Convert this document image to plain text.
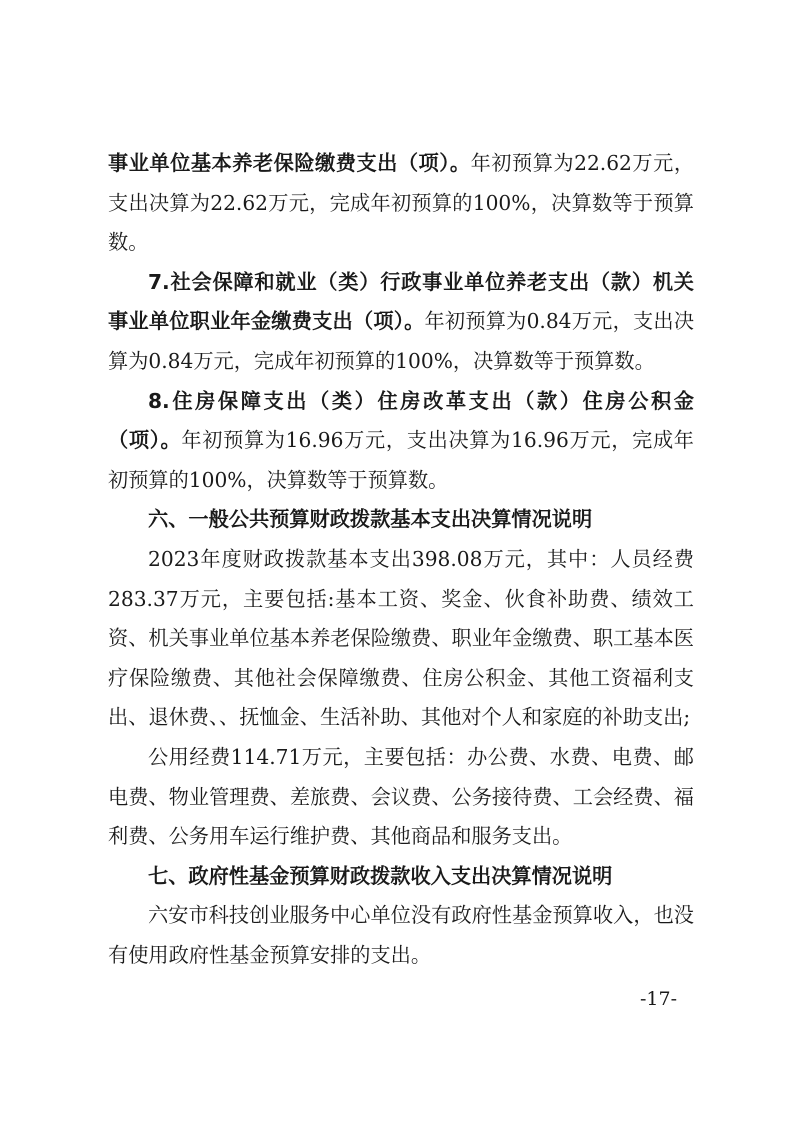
事业单位基本养老保险缴费支出（项）。年初预算为22.62万元，支出决算为22.62万元，完成年初预算的100%，决算数等于预算数。

7.社会保障和就业（类）行政事业单位养老支出（款）机关事业单位职业年金缴费支出（项）。年初预算为0.84万元，支出决算为0.84万元，完成年初预算的100%，决算数等于预算数。

8.住房保障支出（类）住房改革支出（款）住房公积金（项）。年初预算为16.96万元，支出决算为16.96万元，完成年初预算的100%，决算数等于预算数。

六、一般公共预算财政拨款基本支出决算情况说明

2023年度财政拨款基本支出398.08万元，其中：人员经费283.37万元，主要包括:基本工资、奖金、伙食补助费、绩效工资、机关事业单位基本养老保险缴费、职业年金缴费、职工基本医疗保险缴费、其他社会保障缴费、住房公积金、其他工资福利支出、退休费、、抚恤金、生活补助、其他对个人和家庭的补助支出;

公用经费114.71万元，主要包括：办公费、水费、电费、邮电费、物业管理费、差旅费、会议费、公务接待费、工会经费、福利费、公务用车运行维护费、其他商品和服务支出。

七、政府性基金预算财政拨款收入支出决算情况说明

六安市科技创业服务中心单位没有政府性基金预算收入，也没有使用政府性基金预算安排的支出。

-17-
